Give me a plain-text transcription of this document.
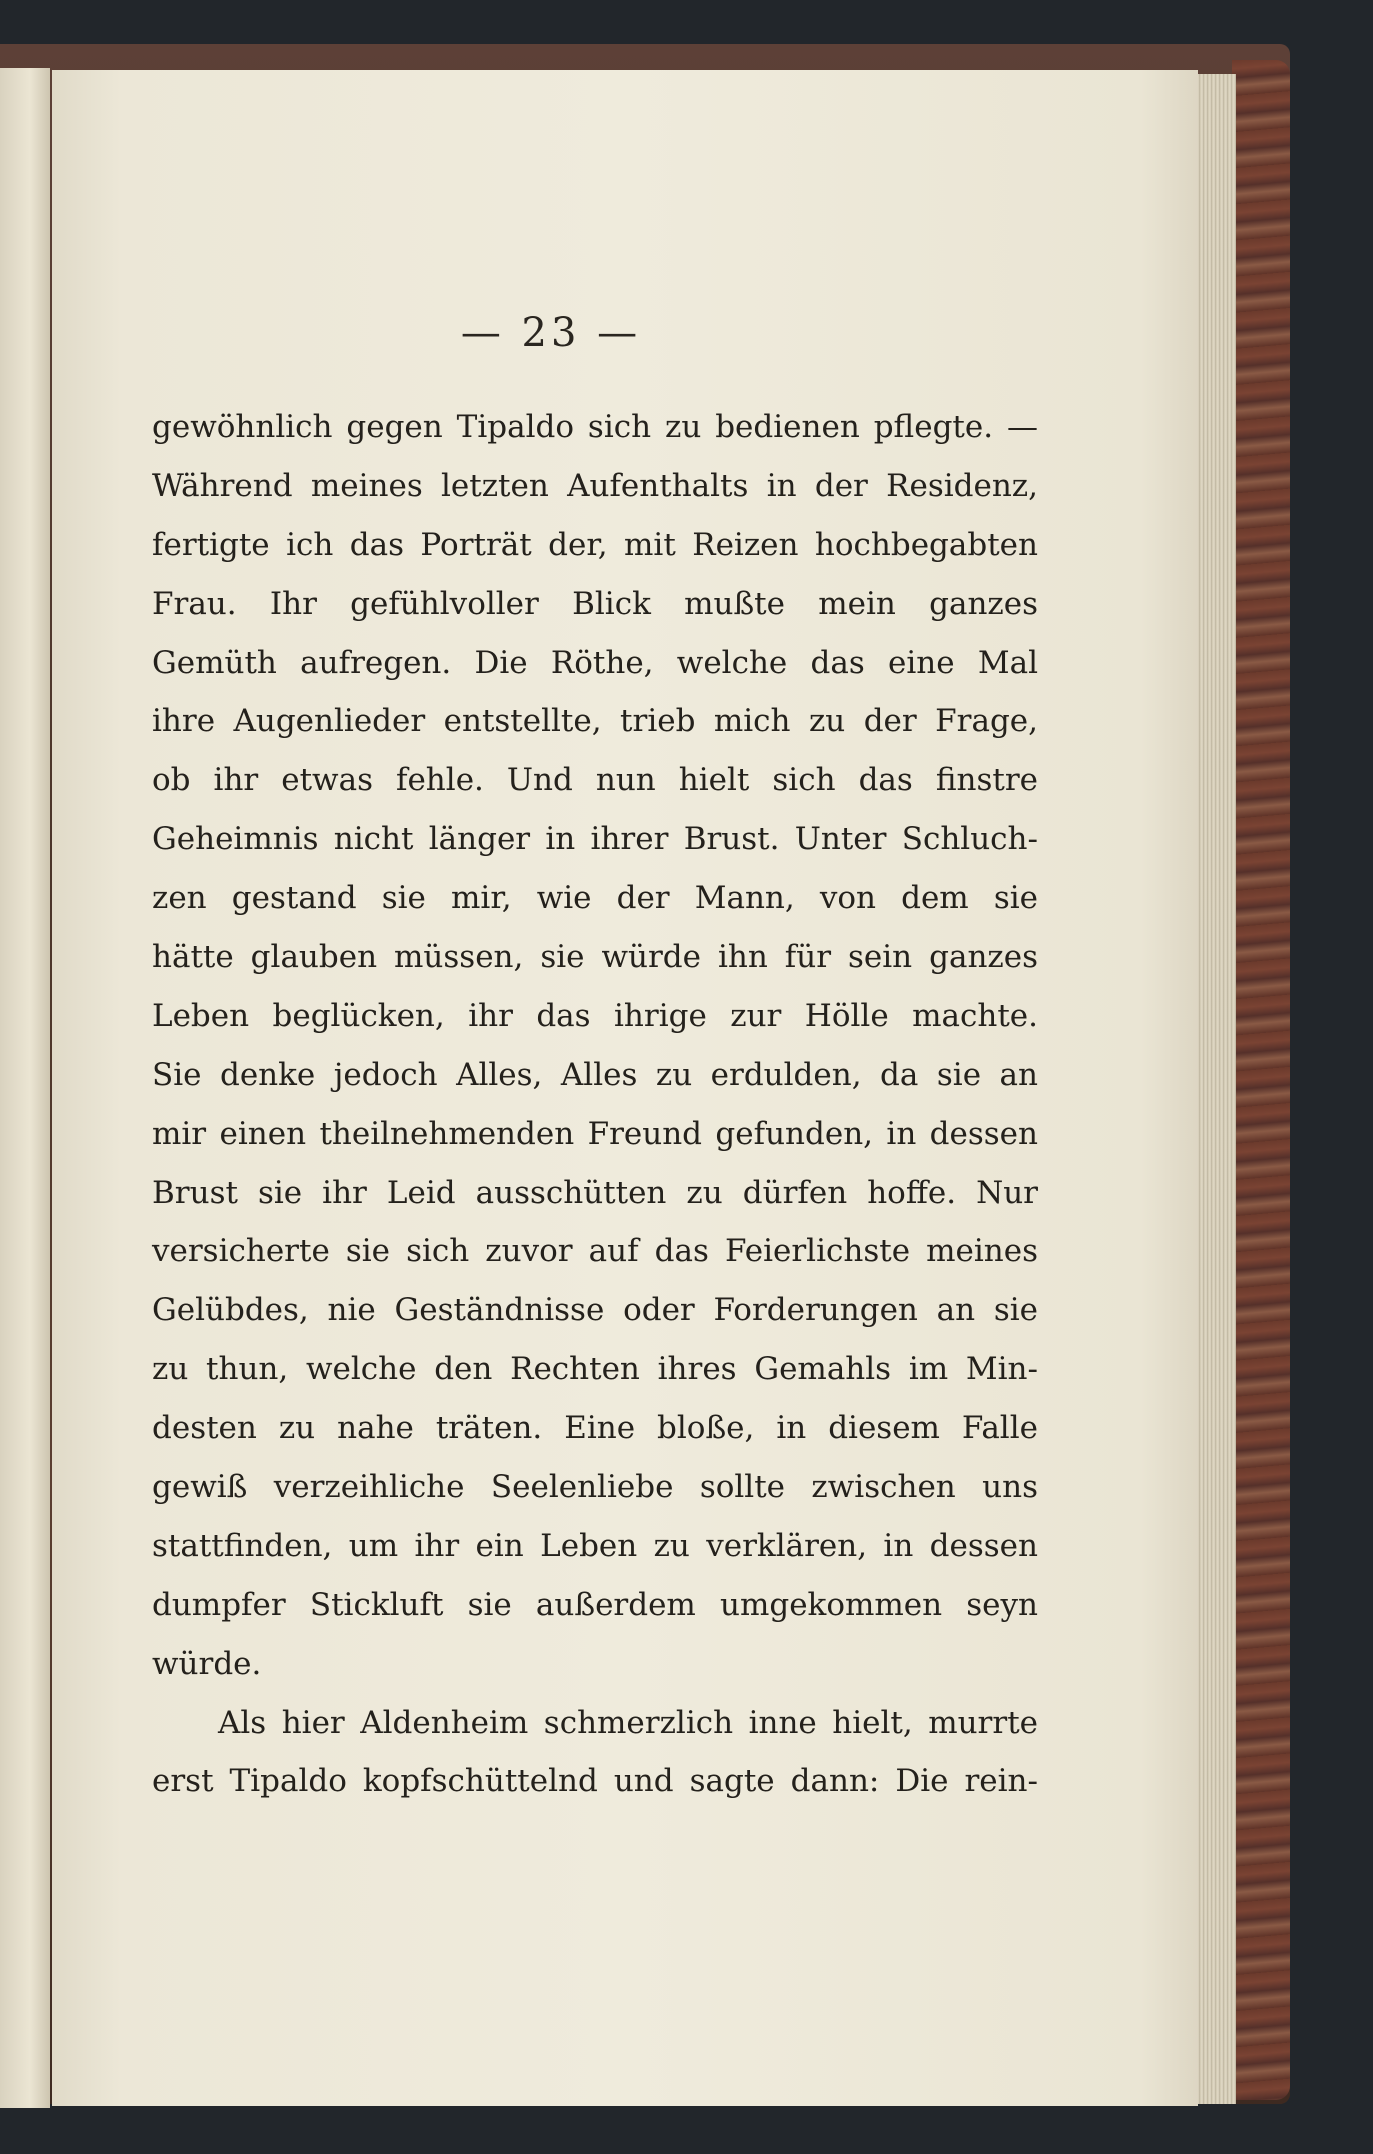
— 23 —
gewöhnlich gegen Tipaldo sich zu bedienen pflegte. —
Während meines letzten Aufenthalts in der Residenz,
fertigte ich das Porträt der, mit Reizen hochbegabten
Frau. Ihr gefühlvoller Blick mußte mein ganzes
Gemüth aufregen. Die Röthe, welche das eine Mal
ihre Augenlieder entstellte, trieb mich zu der Frage,
ob ihr etwas fehle. Und nun hielt sich das finstre
Geheimnis nicht länger in ihrer Brust. Unter Schluch-
zen gestand sie mir, wie der Mann, von dem sie
hätte glauben müssen, sie würde ihn für sein ganzes
Leben beglücken, ihr das ihrige zur Hölle machte.
Sie denke jedoch Alles, Alles zu erdulden, da sie an
mir einen theilnehmenden Freund gefunden, in dessen
Brust sie ihr Leid ausschütten zu dürfen hoffe. Nur
versicherte sie sich zuvor auf das Feierlichste meines
Gelübdes, nie Geständnisse oder Forderungen an sie
zu thun, welche den Rechten ihres Gemahls im Min-
desten zu nahe träten. Eine bloße, in diesem Falle
gewiß verzeihliche Seelenliebe sollte zwischen uns
stattfinden, um ihr ein Leben zu verklären, in dessen
dumpfer Stickluft sie außerdem umgekommen seyn
würde.
Als hier Aldenheim schmerzlich inne hielt, murrte
erst Tipaldo kopfschüttelnd und sagte dann: Die rein-
